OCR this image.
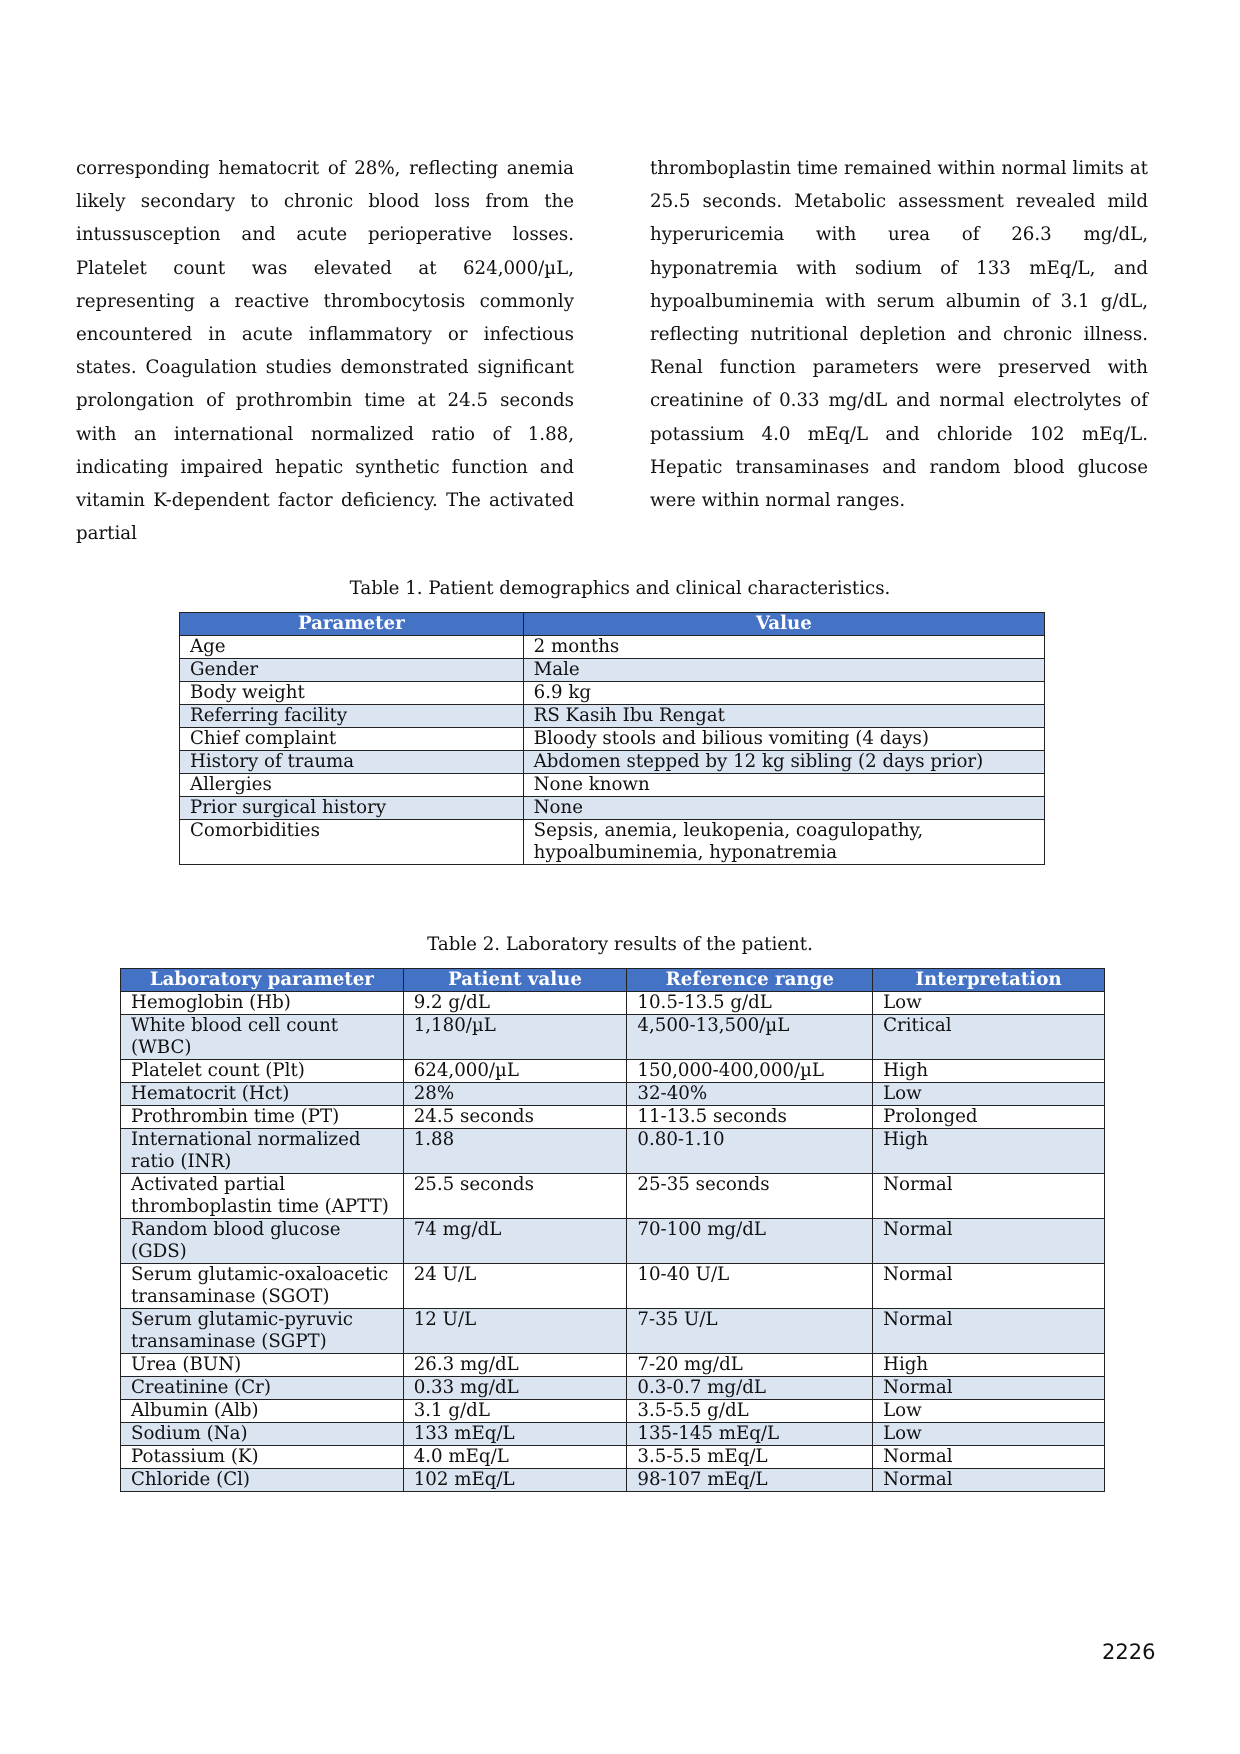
corresponding hematocrit of 28%, reflecting anemia likely secondary to chronic blood loss from the intussusception and acute perioperative losses. Platelet count was elevated at 624,000/µL, representing a reactive thrombocytosis commonly encountered in acute inflammatory or infectious states. Coagulation studies demonstrated significant prolongation of prothrombin time at 24.5 seconds with an international normalized ratio of 1.88, indicating impaired hepatic synthetic function and vitamin K-dependent factor deficiency. The activated partial
thromboplastin time remained within normal limits at 25.5 seconds. Metabolic assessment revealed mild hyperuricemia with urea of 26.3 mg/dL, hyponatremia with sodium of 133 mEq/L, and hypoalbuminemia with serum albumin of 3.1 g/dL, reflecting nutritional depletion and chronic illness. Renal function parameters were preserved with creatinine of 0.33 mg/dL and normal electrolytes of potassium 4.0 mEq/L and chloride 102 mEq/L. Hepatic transaminases and random blood glucose were within normal ranges.
Table 1. Patient demographics and clinical characteristics.
Parameter	Value
Age	2 months
Gender	Male
Body weight	6.9 kg
Referring facility	RS Kasih Ibu Rengat
Chief complaint	Bloody stools and bilious vomiting (4 days)
History of trauma	Abdomen stepped by 12 kg sibling (2 days prior)
Allergies	None known
Prior surgical history	None
Comorbidities	Sepsis, anemia, leukopenia, coagulopathy, hypoalbuminemia, hyponatremia
Table 2. Laboratory results of the patient.
Laboratory parameter	Patient value	Reference range	Interpretation
Hemoglobin (Hb)	9.2 g/dL	10.5-13.5 g/dL	Low
White blood cell count (WBC)	1,180/µL	4,500-13,500/µL	Critical
Platelet count (Plt)	624,000/µL	150,000-400,000/µL	High
Hematocrit (Hct)	28%	32-40%	Low
Prothrombin time (PT)	24.5 seconds	11-13.5 seconds	Prolonged
International normalized ratio (INR)	1.88	0.80-1.10	High
Activated partial thromboplastin time (APTT)	25.5 seconds	25-35 seconds	Normal
Random blood glucose (GDS)	74 mg/dL	70-100 mg/dL	Normal
Serum glutamic-oxaloacetic transaminase (SGOT)	24 U/L	10-40 U/L	Normal
Serum glutamic-pyruvic transaminase (SGPT)	12 U/L	7-35 U/L	Normal
Urea (BUN)	26.3 mg/dL	7-20 mg/dL	High
Creatinine (Cr)	0.33 mg/dL	0.3-0.7 mg/dL	Normal
Albumin (Alb)	3.1 g/dL	3.5-5.5 g/dL	Low
Sodium (Na)	133 mEq/L	135-145 mEq/L	Low
Potassium (K)	4.0 mEq/L	3.5-5.5 mEq/L	Normal
Chloride (Cl)	102 mEq/L	98-107 mEq/L	Normal
2226
